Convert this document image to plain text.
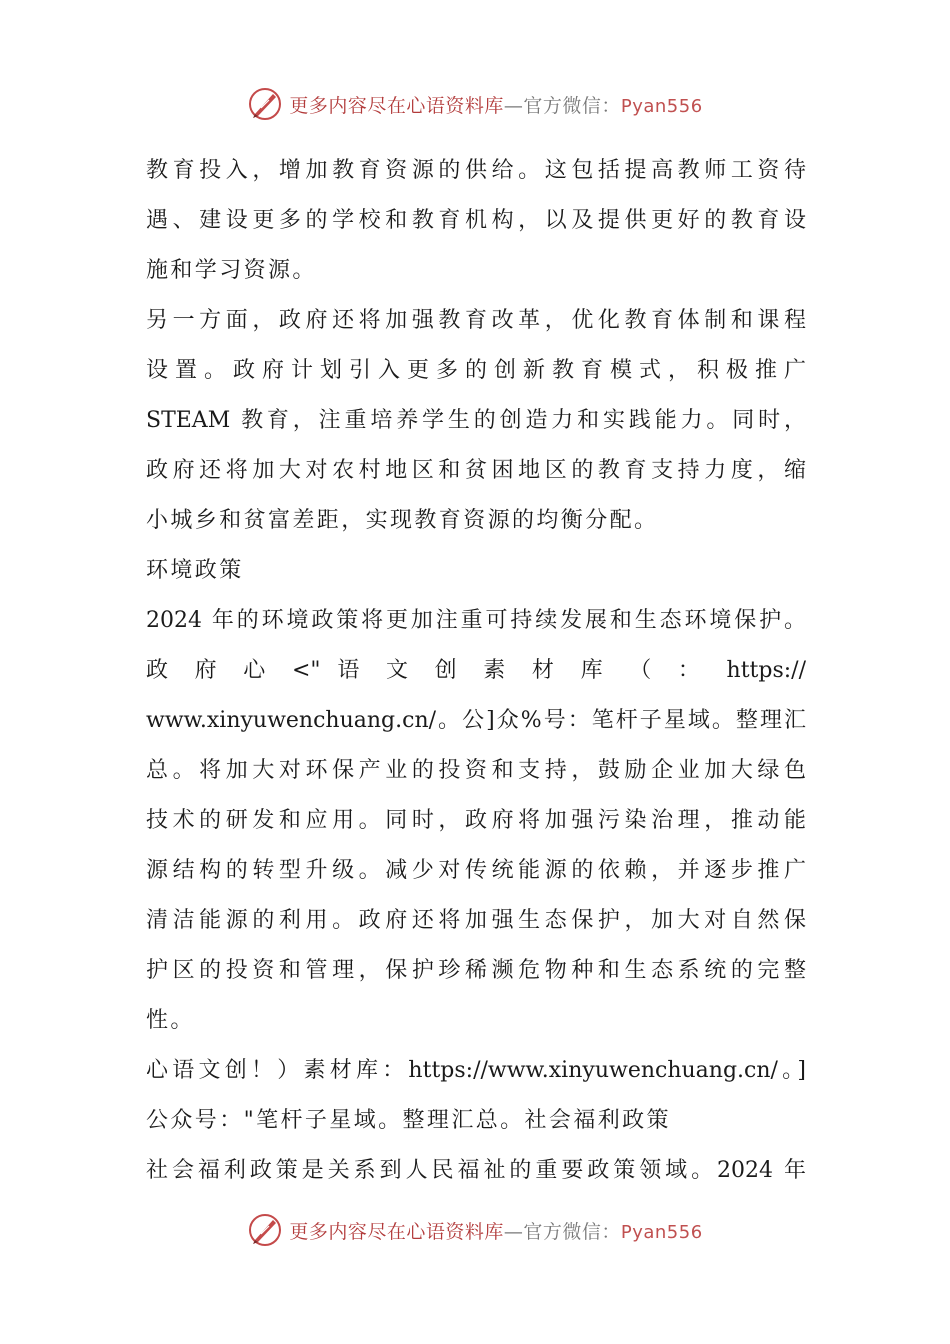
更多内容尽在心语资料库—官方微信：Pyan556
教育投入，增加教育资源的供给。这包括提高教师工资待
遇、建设更多的学校和教育机构，以及提供更好的教育设
施和学习资源。
另一方面，政府还将加强教育改革，优化教育体制和课程
设置。政府计划引入更多的创新教育模式，积极推广
STEAM 教育，注重培养学生的创造力和实践能力。同时，
政府还将加大对农村地区和贫困地区的教育支持力度，缩
小城乡和贫富差距，实现教育资源的均衡分配。
环境政策
2024 年的环境政策将更加注重可持续发展和生态环境保护。
政 府 心 <" 语 文 创 素 材 库 （ ： https://
www.xinyuwenchuang.cn/。公]众%号：笔杆子星域。整理汇
总。将加大对环保产业的投资和支持，鼓励企业加大绿色
技术的研发和应用。同时，政府将加强污染治理，推动能
源结构的转型升级。减少对传统能源的依赖，并逐步推广
清洁能源的利用。政府还将加强生态保护，加大对自然保
护区的投资和管理，保护珍稀濒危物种和生态系统的完整
性。
心语文创！）素材库：https://www.xinyuwenchuang.cn/。]
公众号："笔杆子星域。整理汇总。社会福利政策
社会福利政策是关系到人民福祉的重要政策领域。2024 年
更多内容尽在心语资料库—官方微信：Pyan556
